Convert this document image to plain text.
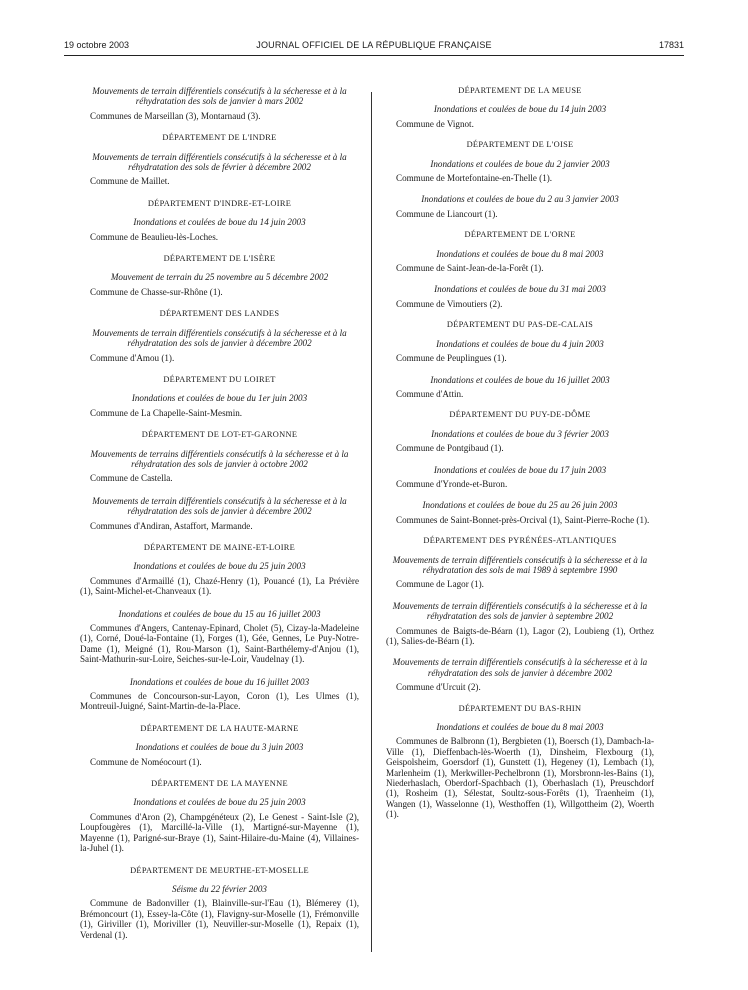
19 octobre 2003	JOURNAL OFFICIEL DE LA RÉPUBLIQUE FRANÇAISE	17831
Mouvements de terrain différentiels consécutifs à la sécheresse et à la réhydratation des sols de janvier à mars 2002

Communes de Marseillan (3), Montarnaud (3).

DÉPARTEMENT DE L'INDRE
Mouvements de terrain différentiels consécutifs à la sécheresse et à la réhydratation des sols de février à décembre 2002

Commune de Maillet.

DÉPARTEMENT D'INDRE-ET-LOIRE
Inondations et coulées de boue du 14 juin 2003

Commune de Beaulieu-lès-Loches.

DÉPARTEMENT DE L'ISÈRE
Mouvement de terrain du 25 novembre au 5 décembre 2002

Commune de Chasse-sur-Rhône (1).

DÉPARTEMENT DES LANDES
Mouvements de terrain différentiels consécutifs à la sécheresse et à la réhydratation des sols de janvier à décembre 2002

Commune d'Amou (1).

DÉPARTEMENT DU LOIRET
Inondations et coulées de boue du 1er juin 2003

Commune de La Chapelle-Saint-Mesmin.

DÉPARTEMENT DE LOT-ET-GARONNE
Mouvements de terrains différentiels consécutifs à la sécheresse et à la réhydratation des sols de janvier à octobre 2002

Commune de Castella.

Mouvements de terrain différentiels consécutifs à la sécheresse et à la réhydratation des sols de janvier à décembre 2002

Communes d'Andiran, Astaffort, Marmande.

DÉPARTEMENT DE MAINE-ET-LOIRE
Inondations et coulées de boue du 25 juin 2003

Communes d'Armaillé (1), Chazé-Henry (1), Pouancé (1), La Prévière (1), Saint-Michel-et-Chanveaux (1).

Inondations et coulées de boue du 15 au 16 juillet 2003

Communes d'Angers, Cantenay-Epinard, Cholet (5), Cizay-la-Madeleine (1), Corné, Doué-la-Fontaine (1), Forges (1), Gée, Gennes, Le Puy-Notre-Dame (1), Meigné (1), Rou-Marson (1), Saint-Barthélemy-d'Anjou (1), Saint-Mathurin-sur-Loire, Seiches-sur-le-Loir, Vaudelnay (1).

Inondations et coulées de boue du 16 juillet 2003

Communes de Concourson-sur-Layon, Coron (1), Les Ulmes (1), Montreuil-Juigné, Saint-Martin-de-la-Place.

DÉPARTEMENT DE LA HAUTE-MARNE
Inondations et coulées de boue du 3 juin 2003

Commune de Noméocourt (1).

DÉPARTEMENT DE LA MAYENNE
Inondations et coulées de boue du 25 juin 2003

Communes d'Aron (2), Champgénéteux (2), Le Genest - Saint-Isle (2), Loupfougères (1), Marcillé-la-Ville (1), Martigné-sur-Mayenne (1), Mayenne (1), Parigné-sur-Braye (1), Saint-Hilaire-du-Maine (4), Villaines-la-Juhel (1).

DÉPARTEMENT DE MEURTHE-ET-MOSELLE
Séisme du 22 février 2003

Commune de Badonviller (1), Blainville-sur-l'Eau (1), Blémerey (1), Brémoncourt (1), Essey-la-Côte (1), Flavigny-sur-Moselle (1), Frémonville (1), Giriviller (1), Moriviller (1), Neuviller-sur-Moselle (1), Repaix (1), Verdenal (1).

DÉPARTEMENT DE LA MEUSE
Inondations et coulées de boue du 14 juin 2003

Commune de Vignot.

DÉPARTEMENT DE L'OISE
Inondations et coulées de boue du 2 janvier 2003

Commune de Mortefontaine-en-Thelle (1).

Inondations et coulées de boue du 2 au 3 janvier 2003

Commune de Liancourt (1).

DÉPARTEMENT DE L'ORNE
Inondations et coulées de boue du 8 mai 2003

Commune de Saint-Jean-de-la-Forêt (1).

Inondations et coulées de boue du 31 mai 2003

Commune de Vimoutiers (2).

DÉPARTEMENT DU PAS-DE-CALAIS
Inondations et coulées de boue du 4 juin 2003

Commune de Peuplingues (1).

Inondations et coulées de boue du 16 juillet 2003

Commune d'Attin.

DÉPARTEMENT DU PUY-DE-DÔME
Inondations et coulées de boue du 3 février 2003

Commune de Pontgibaud (1).

Inondations et coulées de boue du 17 juin 2003

Commune d'Yronde-et-Buron.

Inondations et coulées de boue du 25 au 26 juin 2003

Communes de Saint-Bonnet-près-Orcival (1), Saint-Pierre-Roche (1).

DÉPARTEMENT DES PYRÉNÉES-ATLANTIQUES
Mouvements de terrain différentiels consécutifs à la sécheresse et à la réhydratation des sols de mai 1989 à septembre 1990

Commune de Lagor (1).

Mouvements de terrain différentiels consécutifs à la sécheresse et à la réhydratation des sols de janvier à septembre 2002

Communes de Baigts-de-Béarn (1), Lagor (2), Loubieng (1), Orthez (1), Salies-de-Béarn (1).

Mouvements de terrain différentiels consécutifs à la sécheresse et à la réhydratation des sols de janvier à décembre 2002

Commune d'Urcuit (2).

DÉPARTEMENT DU BAS-RHIN
Inondations et coulées de boue du 8 mai 2003

Communes de Balbronn (1), Bergbieten (1), Boersch (1), Dambach-la-Ville (1), Dieffenbach-lès-Woerth (1), Dinsheim, Flexbourg (1), Geispolsheim, Goersdorf (1), Gunstett (1), Hegeney (1), Lembach (1), Marlenheim (1), Merkwiller-Pechelbronn (1), Morsbronn-les-Bains (1), Niederhaslach, Oberdorf-Spachbach (1), Oberhaslach (1), Preuschdorf (1), Rosheim (1), Sélestat, Soultz-sous-Forêts (1), Traenheim (1), Wangen (1), Wasselonne (1), Westhoffen (1), Willgottheim (2), Woerth (1).
